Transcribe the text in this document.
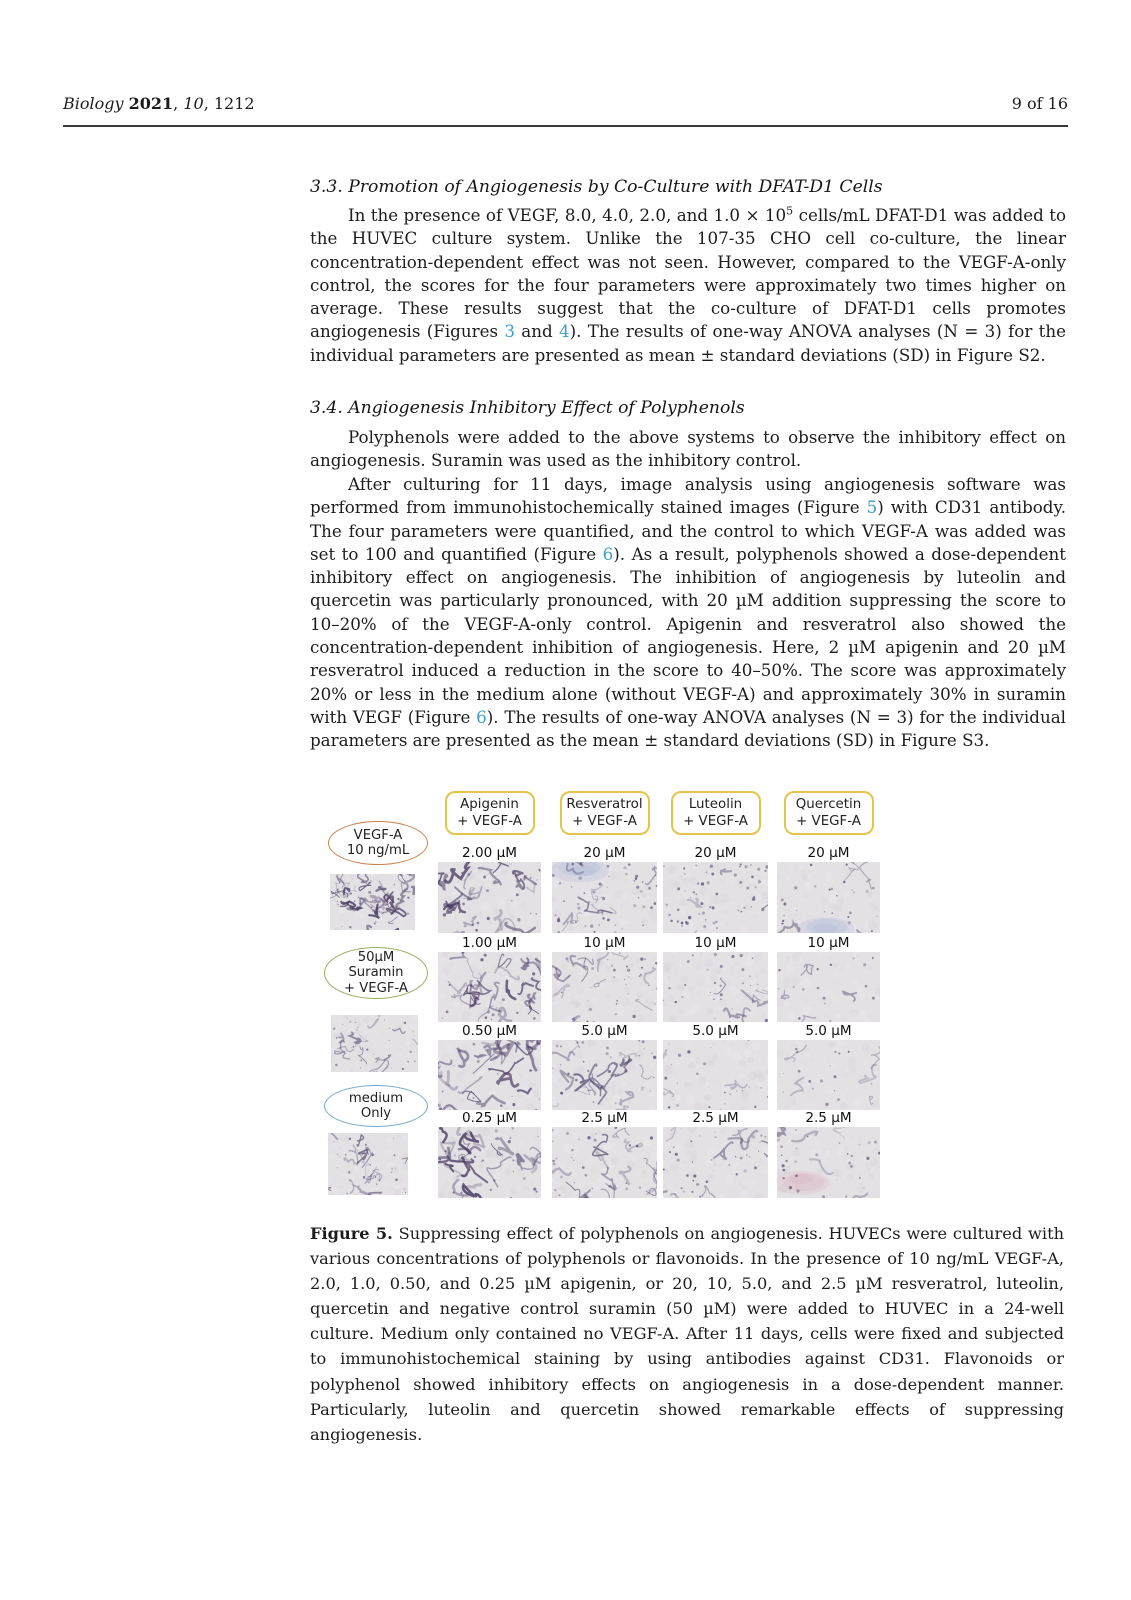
Biology 2021, 10, 1212	9 of 16
3.3. Promotion of Angiogenesis by Co-Culture with DFAT-D1 Cells
In the presence of VEGF, 8.0, 4.0, 2.0, and $1.0 \times 10^5$ cells/mL DFAT-D1 was added to the HUVEC culture system. Unlike the 107-35 CHO cell co-culture, the linear concentration-dependent effect was not seen. However, compared to the VEGF-A-only control, the scores for the four parameters were approximately two times higher on average. These results suggest that the co-culture of DFAT-D1 cells promotes angiogenesis (Figures 3 and 4). The results of one-way ANOVA analyses (N = 3) for the individual parameters are presented as mean ± standard deviations (SD) in Figure S2.
3.4. Angiogenesis Inhibitory Effect of Polyphenols
Polyphenols were added to the above systems to observe the inhibitory effect on angiogenesis. Suramin was used as the inhibitory control.
After culturing for 11 days, image analysis using angiogenesis software was performed from immunohistochemically stained images (Figure 5) with CD31 antibody. The four parameters were quantified, and the control to which VEGF-A was added was set to 100 and quantified (Figure 6). As a result, polyphenols showed a dose-dependent inhibitory effect on angiogenesis. The inhibition of angiogenesis by luteolin and quercetin was particularly pronounced, with 20 µM addition suppressing the score to 10–20% of the VEGF-A-only control. Apigenin and resveratrol also showed the concentration-dependent inhibition of angiogenesis. Here, 2 µM apigenin and 20 µM resveratrol induced a reduction in the score to 40–50%. The score was approximately 20% or less in the medium alone (without VEGF-A) and approximately 30% in suramin with VEGF (Figure 6). The results of one-way ANOVA analyses (N = 3) for the individual parameters are presented as the mean ± standard deviations (SD) in Figure S3.
Apigenin
+ VEGF-A
2.00 µM
1.00 µM
0.50 µM
0.25 µM
Resveratrol
+ VEGF-A
20 µM
10 µM
5.0 µM
2.5 µM
Luteolin
+ VEGF-A
20 µM
10 µM
5.0 µM
2.5 µM
Quercetin
+ VEGF-A
20 µM
10 µM
5.0 µM
2.5 µM
VEGF-A
10 ng/mL
50µM
Suramin
+ VEGF-A
medium
Only
Figure 5. Suppressing effect of polyphenols on angiogenesis. HUVECs were cultured with various concentrations of polyphenols or flavonoids. In the presence of 10 ng/mL VEGF-A, 2.0, 1.0, 0.50, and 0.25 µM apigenin, or 20, 10, 5.0, and 2.5 µM resveratrol, luteolin, quercetin and negative control suramin (50 µM) were added to HUVEC in a 24-well culture. Medium only contained no VEGF-A. After 11 days, cells were fixed and subjected to immunohistochemical staining by using antibodies against CD31. Flavonoids or polyphenol showed inhibitory effects on angiogenesis in a dose-dependent manner. Particularly, luteolin and quercetin showed remarkable effects of suppressing angiogenesis.
